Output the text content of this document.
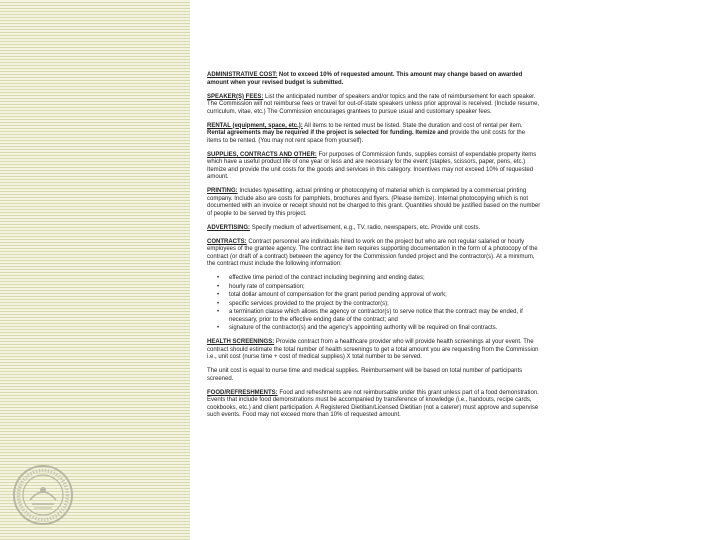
ADMINISTRATIVE COST: Not to exceed 10% of requested amount. This amount may change based on awarded amount when your revised budget is submitted.

SPEAKER(S) FEES: List the anticipated number of speakers and/or topics and the rate of reimbursement for each speaker. The Commission will not reimburse fees or travel for out-of-state speakers unless prior approval is received. (Include resume, curriculum, vitae, etc.) The Commission encourages grantees to pursue usual and customary speaker fees.

RENTAL (equipment, space, etc.): All items to be rented must be listed. State the duration and cost of rental per item. Rental agreements may be required if the project is selected for funding. Itemize and provide the unit costs for the items to be rented. (You may not rent space from yourself).

SUPPLIES, CONTRACTS AND OTHER: For purposes of Commission funds, supplies consist of expendable property items which have a useful product life of one year or less and are necessary for the event (staples, scissors, paper, pens, etc.) Itemize and provide the unit costs for the goods and services in this category. Incentives may not exceed 10% of requested amount.

PRINTING: Includes typesetting, actual printing or photocopying of material which is completed by a commercial printing company. Include also are costs for pamphlets, brochures and flyers. (Please itemize). Internal photocopying which is not documented with an invoice or receipt should not be charged to this grant. Quantities should be justified based on the number of people to be served by this project.

ADVERTISING: Specify medium of advertisement, e.g., TV, radio, newspapers, etc. Provide unit costs.

CONTRACTS: Contract personnel are individuals hired to work on the project but who are not regular salaried or hourly employees of the grantee agency. The contract line item requires supporting documentation in the form of a photocopy of the contract (or draft of a contract) between the agency for the Commission funded project and the contractor(s). At a minimum, the contract must include the following information:

• effective time period of the contract including beginning and ending dates;
• hourly rate of compensation;
• total dollar amount of compensation for the grant period pending approval of work;
• specific services provided to the project by the contractor(s);
• a termination clause which allows the agency or contractor(s) to serve notice that the contract may be ended, if necessary, prior to the effective ending date of the contract; and
• signature of the contractor(s) and the agency's appointing authority will be required on final contracts.

HEALTH SCREENINGS: Provide contract from a healthcare provider who will provide health screenings at your event. The contract should estimate the total number of health screenings to get a total amount you are requesting from the Commission i.e., unit cost (nurse time + cost of medical supplies) X total number to be served.

The unit cost is equal to nurse time and medical supplies. Reimbursement will be based on total number of participants screened.

FOOD/REFRESHMENTS: Food and refreshments are not reimbursable under this grant unless part of a food demonstration. Events that include food demonstrations must be accompanied by transference of knowledge (i.e., handouts, recipe cards, cookbooks, etc.) and client participation. A Registered Dietitian/Licensed Dietitian (not a caterer) must approve and supervise such events. Food may not exceed more than 10% of requested amount.
